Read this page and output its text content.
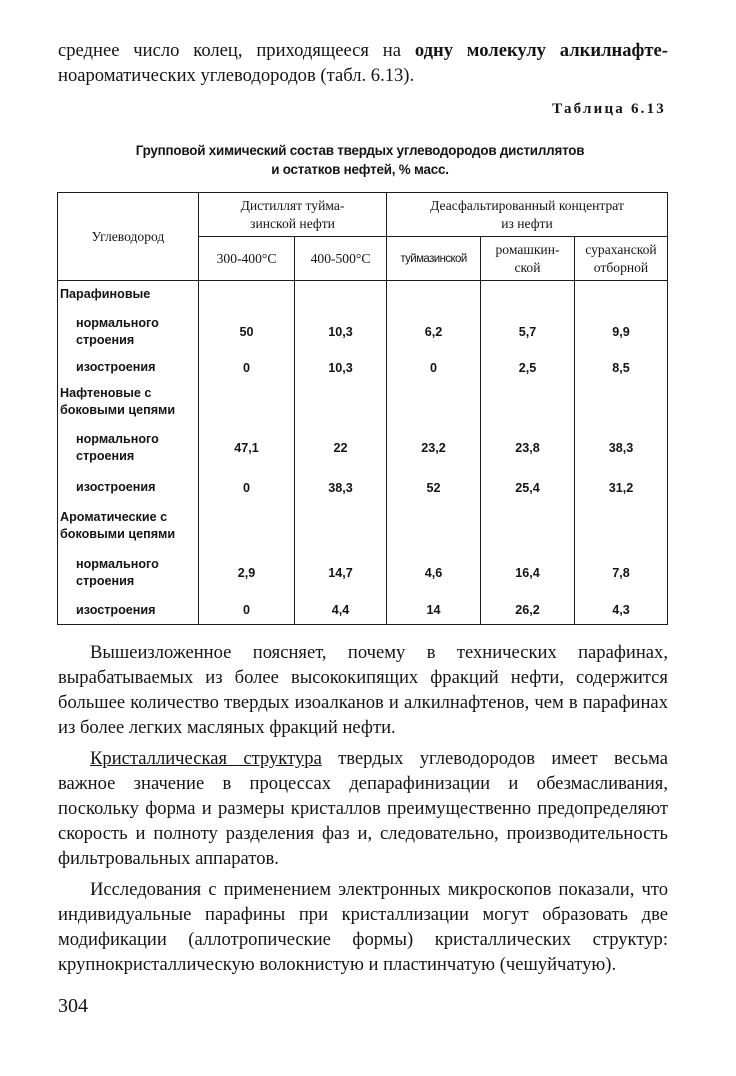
среднее число колец, приходящееся на одну молекулу алкилнафте-
ноароматических углеводородов (табл. 6.13).
Таблица 6.13
Групповой химический состав твердых углеводородов дистиллятов
и остатков нефтей, % масс.
Углеводород	Дистиллят туйма- зинской нефти		Деасфальтированный концентрат из нефти		
	300-400°C	400-500°C	туймазинской	ромашкин- ской	сураханской отборной
Парафиновые					
нормального строения	50	10,3	6,2	5,7	9,9
изостроения	0	10,3	0	2,5	8,5
Нафтеновые с боковыми цепями					
нормального строения	47,1	22	23,2	23,8	38,3
изостроения	0	38,3	52	25,4	31,2
Ароматические с боковыми цепями					
нормального строения	2,9	14,7	4,6	16,4	7,8
изостроения	0	4,4	14	26,2	4,3

Вышеизложенное поясняет, почему в технических парафинах, вырабатываемых из более высококипящих фракций нефти, содержится большее количество твердых изоалканов и алкилнафтенов, чем в парафинах из более легких масляных фракций нефти.

Кристаллическая структура твердых углеводородов имеет весьма важное значение в процессах депарафинизации и обезмасливания, поскольку форма и размеры кристаллов преимущественно предопределяют скорость и полноту разделения фаз и, следовательно, производительность фильтровальных аппаратов.

Исследования с применением электронных микроскопов показали, что индивидуальные парафины при кристаллизации могут образовать две модификации (аллотропические формы) кристаллических структур: крупнокристаллическую волокнистую и пластинчатую (чешуйчатую).

304
